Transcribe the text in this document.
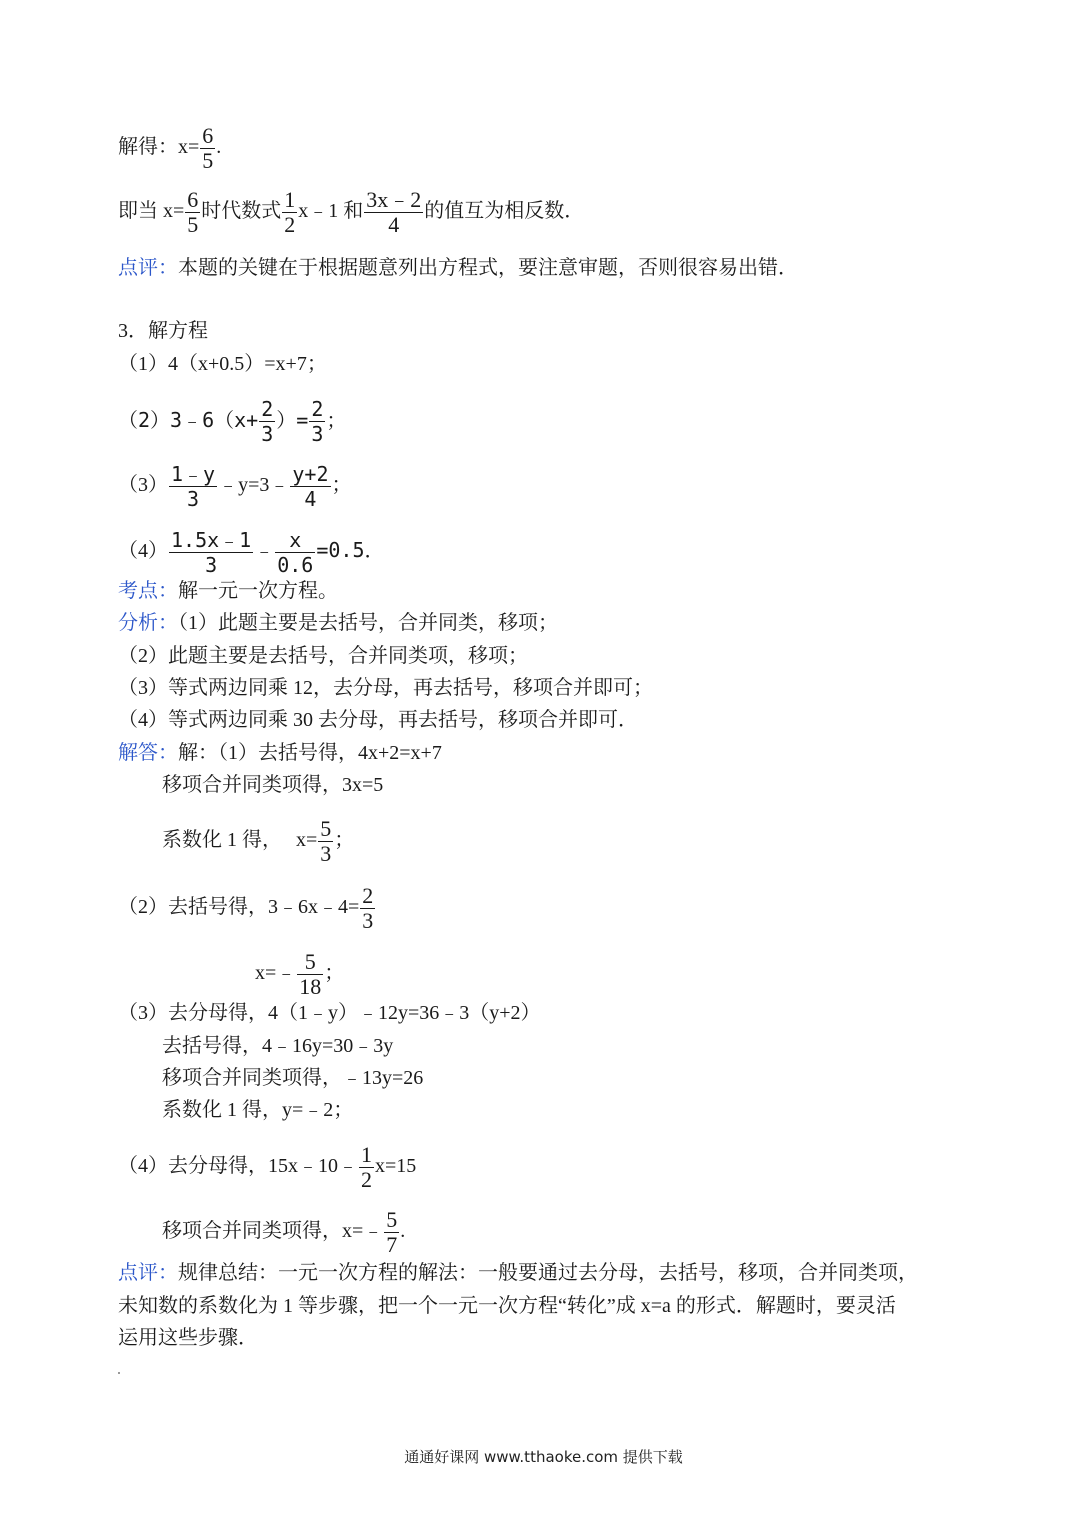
解得：$x= \frac{6}{5}$ .
即当 $x= \frac{6}{5}$ 时代数式 $\frac{1}{2}$ x﹣1 和 $\frac{3x﹣2}{4}$ 的值互为相反数．
点评：本题的关键在于根据题意列出方程式，要注意审题，否则很容易出错．
3．解方程
（1）4（x+0.5）=x+7；
（2）3﹣6（x+ $\frac{2}{3}$ ）= $\frac{2}{3}$ ；
$(3) \frac{1﹣y}{3}$ ﹣y=3﹣ $\frac{y+2}{4}$ ；
$(4) \frac{1.5x﹣1}{3}$ ﹣ $\frac{x}{0.6} =0.5$．
考点：解一元一次方程。
分析：（1）此题主要是去括号，合并同类，移项；
（2）此题主要是去括号，合并同类项，移项；
（3）等式两边同乘 12，去分母，再去括号，移项合并即可；
（4）等式两边同乘 30 去分母，再去括号，移项合并即可．
解答：解：（1）去括号得，4x+2=x+7
移项合并同类项得，3x=5
系数化 1 得， $x= \frac{5}{3}$ ；
（2）去括号得，3﹣6x﹣4= $\frac{2}{3}$
x=﹣ $\frac{5}{18}$ ；
（3）去分母得，4（1﹣y）﹣12y=36﹣3（y+2）
去括号得，4﹣16y=30﹣3y
移项合并同类项得，﹣13y=26
系数化 1 得，y=﹣2；
（4）去分母得，15x﹣10﹣ $\frac{1}{2} x=15$
移项合并同类项得，x=﹣ $\frac{5}{7}$ .
点评：规律总结：一元一次方程的解法：一般要通过去分母，去括号，移项，合并同类项，
未知数的系数化为 1 等步骤，把一个一元一次方程“转化”成 x=a 的形式．解题时，要灵活
运用这些步骤．
通通好课网 www.tthaoke.com 提供下载
